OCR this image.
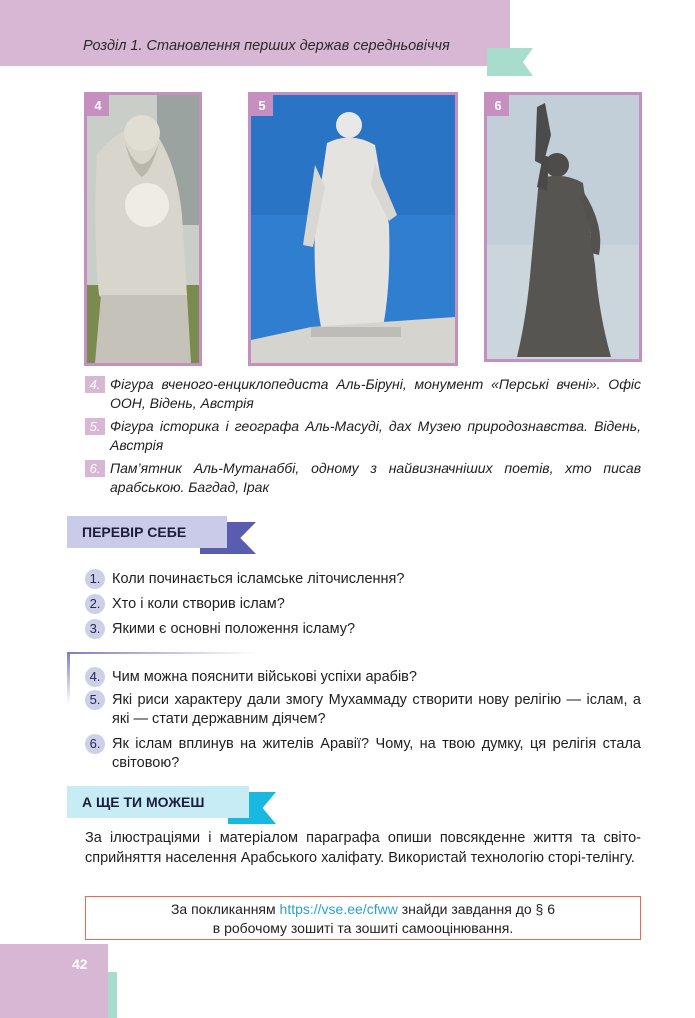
Розділ 1. Становлення перших держав середньовіччя
4	5	6
4. Фігура вченого-енциклопедиста Аль-Біруні, монумент «Перські вчені». Офіс ООН, Відень, Австрія
5. Фігура історика і географа Аль-Масуді, дах Музею природознавства. Відень, Австрія
6. Пам’ятник Аль-Мутанаббі, одному з найвизначніших поетів, хто писав арабською. Багдад, Ірак
ПЕРЕВІР СЕБЕ
1. Коли починається ісламське літочислення?
2. Хто і коли створив іслам?
3. Якими є основні положення ісламу?
4. Чим можна пояснити військові успіхи арабів?
5. Які риси характеру дали змогу Мухаммаду створити нову релігію — іслам, а які — стати державним діячем?
6. Як іслам вплинув на жителів Аравії? Чому, на твою думку, ця релігія стала світовою?
А ЩЕ ТИ МОЖЕШ
За ілюстраціями і матеріалом параграфа опиши повсякденне життя та світо-сприйняття населення Арабського халіфату. Використай технологію сторі-телінгу.
За покликанням https://vse.ee/cfww знайди завдання до § 6
в робочому зошиті та зошиті самооцінювання.
42
